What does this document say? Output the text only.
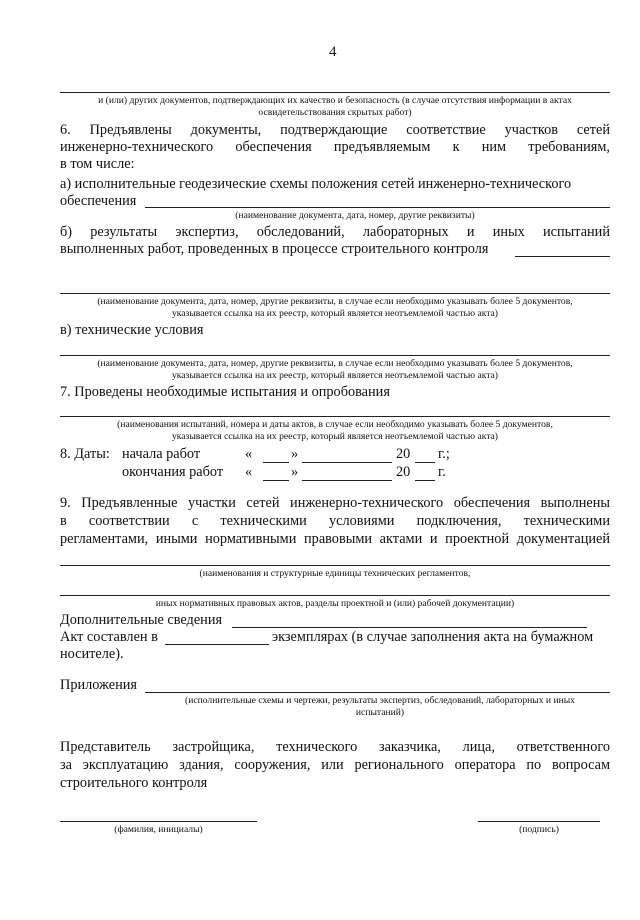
4
и (или) других документов, подтверждающих их качество и безопасность (в случае отсутствия информации в актах
освидетельствования скрытых работ)
6. Предъявлены документы, подтверждающие соответствие участков сетей
инженерно-технического обеспечения предъявляемым к ним требованиям,
в том числе:
а) исполнительные геодезические схемы положения сетей инженерно-технического
обеспечения
(наименование документа, дата, номер, другие реквизиты)
б) результаты экспертиз, обследований, лабораторных и иных испытаний
выполненных работ, проведенных в процессе строительного контроля
(наименование документа, дата, номер, другие реквизиты, в случае если необходимо указывать более 5 документов,
указывается ссылка на их реестр, который является неотъемлемой частью акта)
в) технические условия
(наименование документа, дата, номер, другие реквизиты, в случае если необходимо указывать более 5 документов,
указывается ссылка на их реестр, который является неотъемлемой частью акта)
7. Проведены необходимые испытания и опробования
(наименования испытаний, номера и даты актов, в случае если необходимо указывать более 5 документов,
указывается ссылка на их реестр, который является неотъемлемой частью акта)
8. Даты: начала работ	«	»	20 г.;
окончания работ «	»	20 г.
9. Предъявленные участки сетей инженерно-технического обеспечения выполнены
в соответствии с техническими условиями подключения, техническими
регламентами, иными нормативными правовыми актами и проектной документацией
(наименования и структурные единицы технических регламентов,
иных нормативных правовых актов, разделы проектной и (или) рабочей документации)
Дополнительные сведения
Акт составлен в	экземплярах (в случае заполнения акта на бумажном
носителе).
Приложения
(исполнительные схемы и чертежи, результаты экспертиз, обследований, лабораторных и иных
испытаний)
Представитель застройщика, технического заказчика, лица, ответственного
за эксплуатацию здания, сооружения, или регионального оператора по вопросам
строительного контроля
(фамилия, инициалы)	(подпись)
